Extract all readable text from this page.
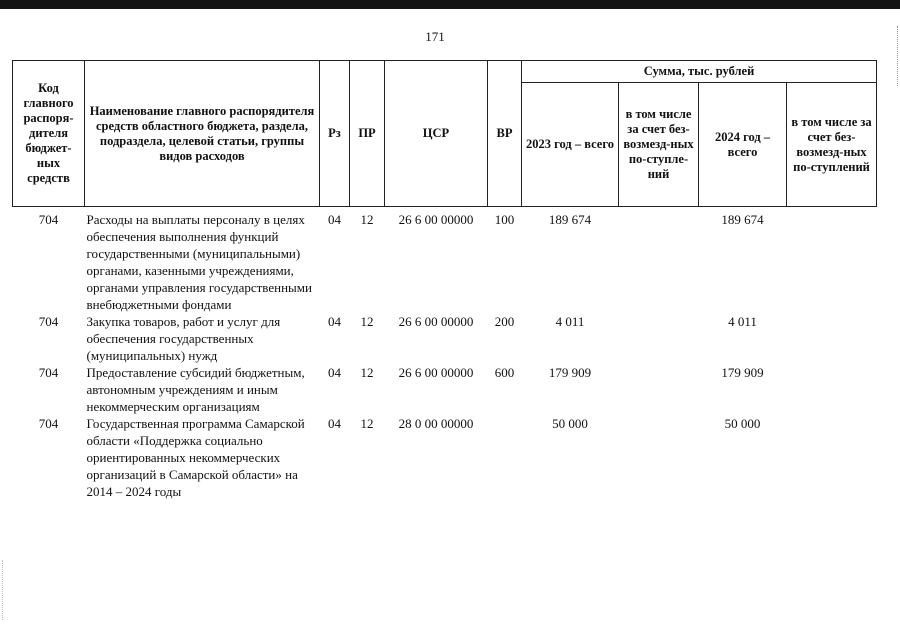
171
Код главного распоря-дителя бюджет-ных средств	Наименование главного распорядителя средств областного бюджета, раздела, подраздела, целевой статьи, группы видов расходов	Рз	ПР	ЦСР	ВР	Сумма, тыс. рублей			
						2023 год – всего	в том числе за счет без-возмезд-ных по-ступле-ний	2024 год – всего	в том числе за счет без-возмезд-ных по-ступлений

704	Расходы на выплаты персоналу в целях обеспечения выполнения функций государственными (муниципальными) органами, казенными учреждениями, органами управления государственными внебюджетными фондами	04	12	26 6 00 00000	100	189 674		189 674	
704	Закупка товаров, работ и услуг для обеспечения государственных (муниципальных) нужд	04	12	26 6 00 00000	200	4 011		4 011	
704	Предоставление субсидий бюджетным, автономным учреждениям и иным некоммерческим организациям	04	12	26 6 00 00000	600	179 909		179 909	
704	Государственная программа Самарской области «Поддержка социально ориентированных некоммерческих организаций в Самарской области» на 2014 – 2024 годы	04	12	28 0 00 00000		50 000		50 000	
